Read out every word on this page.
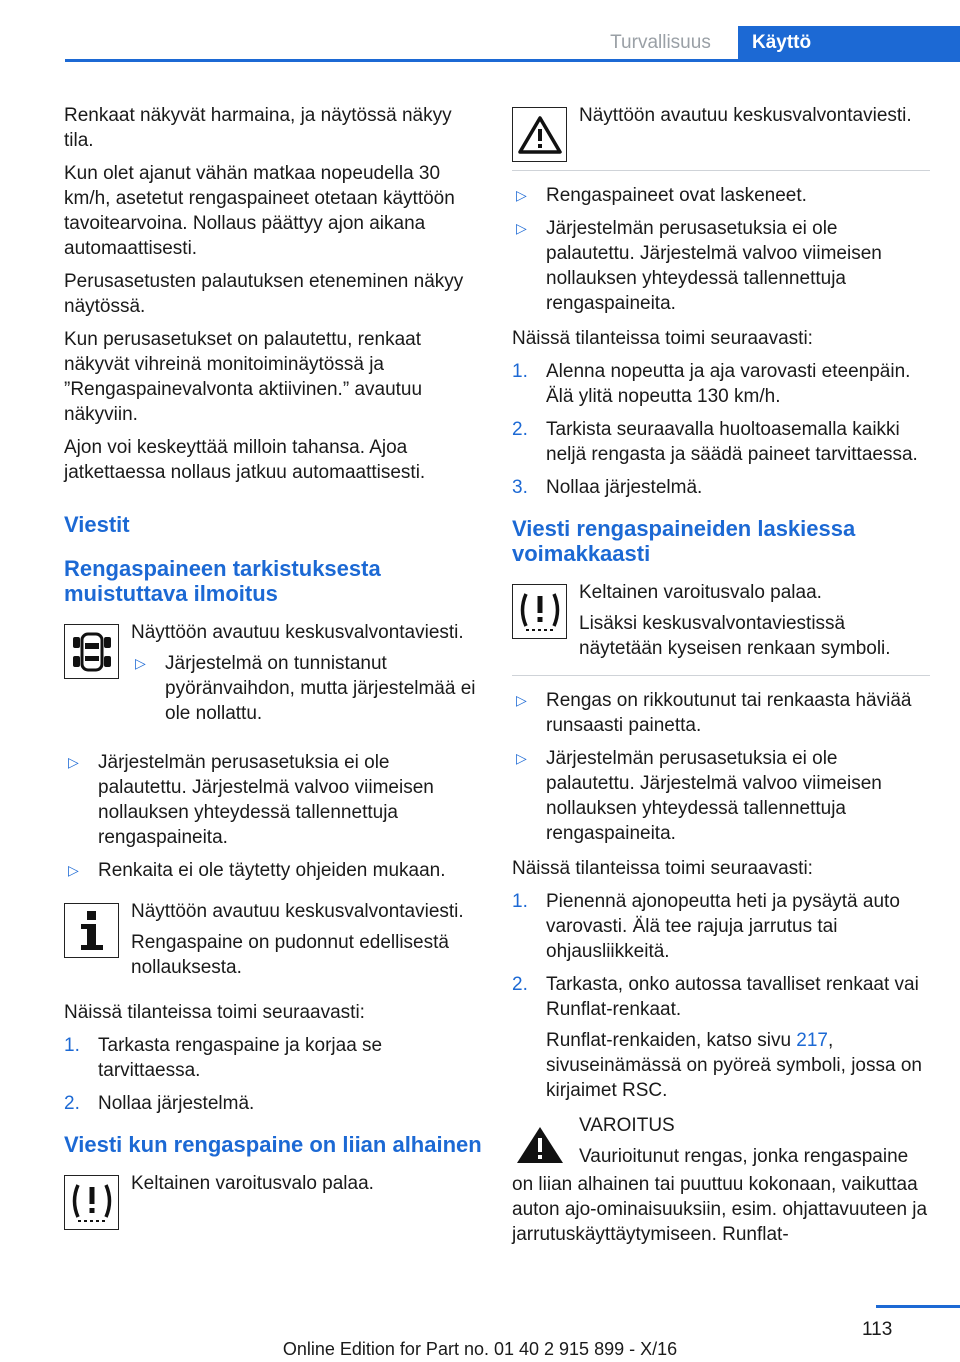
Turvallisuus	Käyttö

Renkaat näkyvät harmaina, ja näytössä näkyy tila.

Kun olet ajanut vähän matkaa nopeudella 30 km/h, asetetut rengaspaineet otetaan käyttöön tavoitearvoina. Nollaus päättyy ajon aikana automaattisesti.

Perusasetusten palautuksen eteneminen näkyy näytössä.

Kun perusasetukset on palautettu, renkaat näkyvät vihreinä monitoiminäytössä ja ”Rengaspainevalvonta aktiivinen.” avautuu näkyviin.

Ajon voi keskeyttää milloin tahansa. Ajoa jatkettaessa nollaus jatkuu automaattisesti.

Viestit
Rengaspaineen tarkistuksesta muistuttava ilmoitus

Näyttöön avautuu keskusvalvontaviesti.

▷ Järjestelmä on tunnistanut pyöränvaihdon, mutta järjestelmää ei ole nollattu.
▷ Järjestelmän perusasetuksia ei ole palautettu. Järjestelmä valvoo viimeisen nollauksen yhteydessä tallennettuja rengaspaineita.
▷ Renkaita ei ole täytetty ohjeiden mukaan.

Näyttöön avautuu keskusvalvontaviesti.

Rengaspaine on pudonnut edellisestä nollauksesta.

Näissä tilanteissa toimi seuraavasti:

1. Tarkasta rengaspaine ja korjaa se tarvittaessa.
2. Nollaa järjestelmä.
Viesti kun rengaspaine on liian alhainen

Keltainen varoitusvalo palaa.

Näyttöön avautuu keskusvalvontaviesti.

▷ Rengaspaineet ovat laskeneet.
▷ Järjestelmän perusasetuksia ei ole palautettu. Järjestelmä valvoo viimeisen nollauksen yhteydessä tallennettuja rengaspaineita.

Näissä tilanteissa toimi seuraavasti:

1. Alenna nopeutta ja aja varovasti eteenpäin. Älä ylitä nopeutta 130 km/h.
2. Tarkista seuraavalla huoltoasemalla kaikki neljä rengasta ja säädä paineet tarvittaessa.
3. Nollaa järjestelmä.
Viesti rengaspaineiden laskiessa voimakkaasti

Keltainen varoitusvalo palaa.

Lisäksi keskusvalvontaviestissä näytetään kyseisen renkaan symboli.

▷ Rengas on rikkoutunut tai renkaasta häviää runsaasti painetta.
▷ Järjestelmän perusasetuksia ei ole palautettu. Järjestelmä valvoo viimeisen nollauksen yhteydessä tallennettuja rengaspaineita.

Näissä tilanteissa toimi seuraavasti:

1. Pienennä ajonopeutta heti ja pysäytä auto varovasti. Älä tee rajuja jarrutus tai ohjausliikkeitä.
2. Tarkasta, onko autossa tavalliset renkaat vai Runflat-renkaat.
Runflat-renkaiden, katso sivu 217, sivuseinämässä on pyöreä symboli, jossa on kirjaimet RSC.

VAROITUS

Vaurioitunut rengas, jonka rengaspaine

on liian alhainen tai puuttuu kokonaan, vaikuttaa auton ajo-ominaisuuksiin, esim. ohjattavuuteen ja jarrutuskäyttäytymiseen. Runflat-

113
Online Edition for Part no. 01 40 2 915 899 - X/16
